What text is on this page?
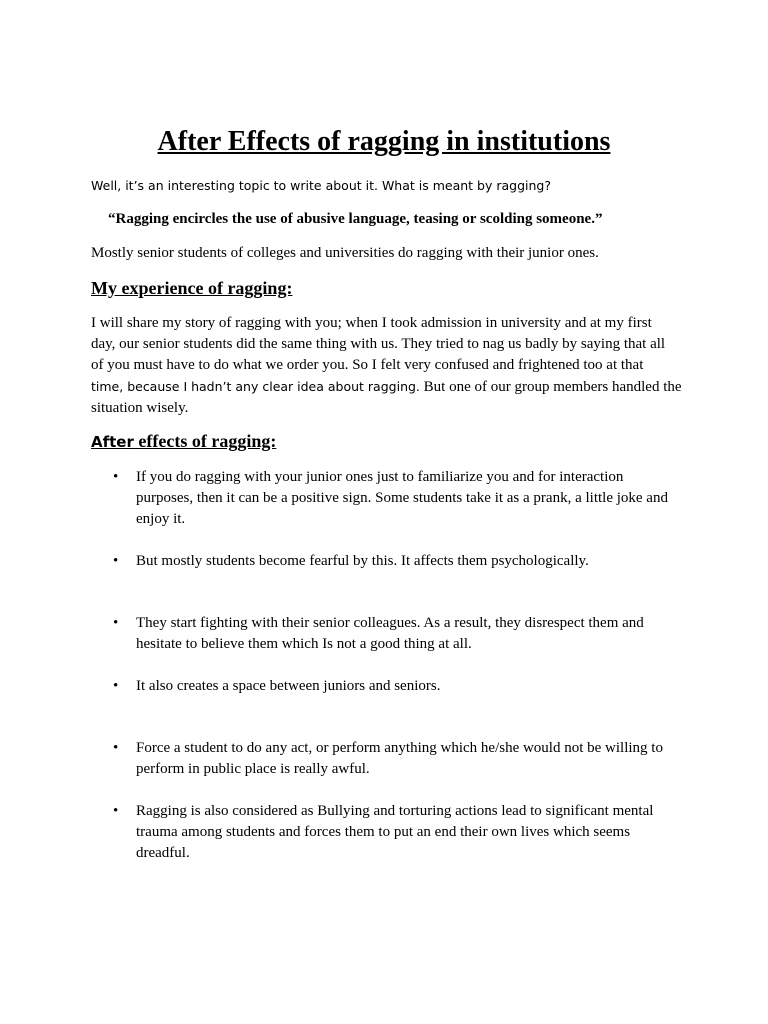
After Effects of ragging in institutions

Well, it’s an interesting topic to write about it. What is meant by ragging?

“Ragging encircles the use of abusive language, teasing or scolding someone.”

Mostly senior students of colleges and universities do ragging with their junior ones.

My experience of ragging:
I will share my story of ragging with you; when I took admission in university and at my first
day, our senior students did the same thing with us. They tried to nag us badly by saying that all
of you must have to do what we order you. So I felt very confused and frightened too at that
time, because I hadn’t any clear idea about ragging. But one of our group members handled the
situation wisely.
After effects of ragging:
• If you do ragging with your junior ones just to familiarize you and for interaction
purposes, then it can be a positive sign. Some students take it as a prank, a little joke and
enjoy it.
• But mostly students become fearful by this. It affects them psychologically.
• They start fighting with their senior colleagues. As a result, they disrespect them and
hesitate to believe them which Is not a good thing at all.
• It also creates a space between juniors and seniors.
• Force a student to do any act, or perform anything which he/she would not be willing to
perform in public place is really awful.
• Ragging is also considered as Bullying and torturing actions lead to significant mental
trauma among students and forces them to put an end their own lives which seems
dreadful.
